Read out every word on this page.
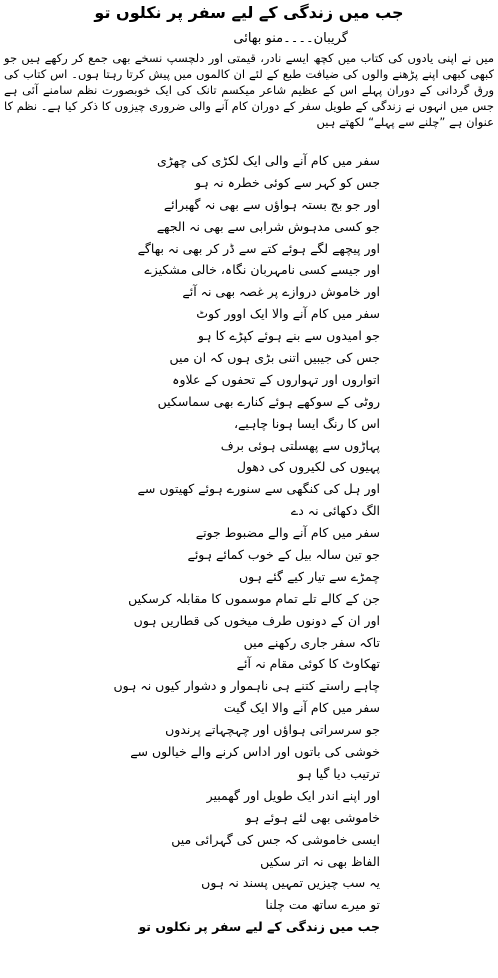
جب میں زندگی کے لیے سفر پر نکلوں تو
گریبان۔۔۔۔منو بھائی
میں نے اپنی یادوں کی کتاب میں کچھ ایسے نادر، قیمتی اور دلچسپ نسخے بھی جمع کر رکھے ہیں جو کبھی کبھی اپنے پڑھنے والوں کی ضیافت طبع کے لئے ان کالموں میں پیش کرتا رہتا ہوں۔ اس کتاب کی ورق گردانی کے دوران پہلے اس کے عظیم شاعر میکسم تانک کی ایک خوبصورت نظم سامنے آئی ہے جس میں انہوں نے زندگی کے طویل سفر کے دوران کام آنے والی ضروری چیزوں کا ذکر کیا ہے۔ نظم کا عنوان ہے ”چلنے سے پہلے“ لکھتے ہیں
سفر میں کام آنے والی ایک لکڑی کی چھڑی
جس کو کہر سے کوئی خطرہ نہ ہو
اور جو بج بستہ ہواؤں سے بھی نہ گھبرائے
جو کسی مدہوش شرابی سے بھی نہ الجھے
اور پیچھے لگے ہوئے کتے سے ڈر کر بھی نہ بھاگے
اور جیسے کسی نامہربان نگاہ، خالی مشکیزے
اور خاموش دروازے پر غصہ بھی نہ آئے
سفر میں کام آنے والا ایک اوور کوٹ
جو امیدوں سے بنے ہوئے کپڑے کا ہو
جس کی جیبیں اتنی بڑی ہوں کہ ان میں
اتواروں اور تہواروں کے تحفوں کے علاوہ
روٹی کے سوکھے ہوئے کنارے بھی سماسکیں
اس کا رنگ ایسا ہونا چاہیے،
پہاڑوں سے پھسلتی ہوئی برف
پہیوں کی لکیروں کی دھول
اور ہل کی کنگھی سے سنورے ہوئے کھیتوں سے
الگ دکھائی نہ دے
سفر میں کام آنے والے مضبوط جوتے
جو تین سالہ بیل کے خوب کمائے ہوئے
چمڑے سے تیار کیے گئے ہوں
جن کے کالے تلے تمام موسموں کا مقابلہ کرسکیں
اور ان کے دونوں طرف میخوں کی قطاریں ہوں
تاکہ سفر جاری رکھنے میں
تھکاوٹ کا کوئی مقام نہ آئے
چاہے راستے کتنے ہی ناہموار و دشوار کیوں نہ ہوں
سفر میں کام آنے والا ایک گیت
جو سرسراتی ہواؤں اور چہچہاتے پرندوں
خوشی کی باتوں اور اداس کرنے والے خیالوں سے
ترتیب دیا گیا ہو
اور اپنے اندر ایک طویل اور گھمبیر
خاموشی بھی لئے ہوئے ہو
ایسی خاموشی کہ جس کی گہرائی میں
الفاظ بھی نہ اتر سکیں
یہ سب چیزیں تمہیں پسند نہ ہوں
تو میرے ساتھ مت چلنا
جب میں زندگی کے لیے سفر پر نکلوں تو
